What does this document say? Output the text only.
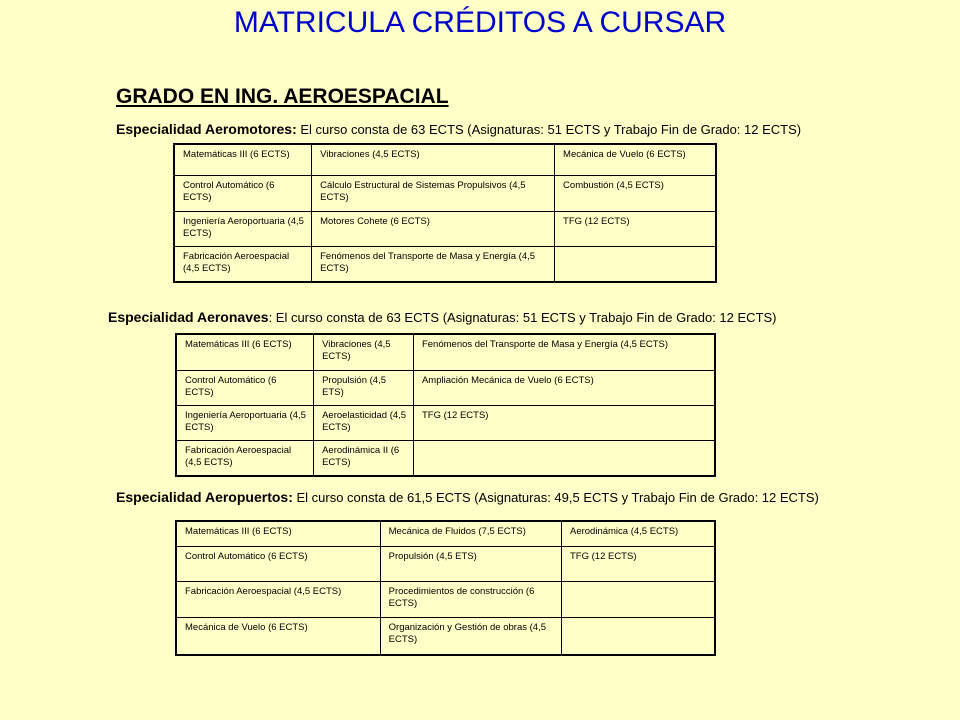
MATRICULA CRÉDITOS A CURSAR
GRADO EN ING. AEROESPACIAL
Especialidad Aeromotores: El curso consta de 63 ECTS (Asignaturas: 51 ECTS y Trabajo Fin de Grado: 12 ECTS)
Matemáticas III (6 ECTS)	Vibraciones (4,5 ECTS)	Mecánica de Vuelo (6 ECTS)
Control Automático (6 ECTS)	Cálculo Estructural de Sistemas Propulsivos (4,5 ECTS)	Combustión (4,5 ECTS)
Ingeniería Aeroportuaria (4,5 ECTS)	Motores Cohete (6 ECTS)	TFG (12 ECTS)
Fabricación Aeroespacial (4,5 ECTS)	Fenómenos del Transporte de Masa y Energía (4,5 ECTS)	
Especialidad Aeronaves: El curso consta de 63 ECTS (Asignaturas: 51 ECTS y Trabajo Fin de Grado: 12 ECTS)
Matemáticas III (6 ECTS)	Vibraciones (4,5 ECTS)	Fenómenos del Transporte de Masa y Energía (4,5 ECTS)
Control Automático (6 ECTS)	Propulsión (4,5 ETS)	Ampliación Mecánica de Vuelo (6 ECTS)
Ingeniería Aeroportuaria (4,5 ECTS)	Aeroelasticidad (4,5 ECTS)	TFG (12 ECTS)
Fabricación Aeroespacial (4,5 ECTS)	Aerodinámica II (6 ECTS)	
Especialidad Aeropuertos: El curso consta de 61,5 ECTS (Asignaturas: 49,5 ECTS y Trabajo Fin de Grado: 12 ECTS)
Matemáticas III (6 ECTS)	Mecánica de Fluidos (7,5 ECTS)	Aerodinámica (4,5 ECTS)
Control Automático (6 ECTS)	Propulsión (4,5 ETS)	TFG (12 ECTS)
Fabricación Aeroespacial (4,5 ECTS)	Procedimientos de construcción (6 ECTS)	
Mecánica de Vuelo (6 ECTS)	Organización y Gestión de obras (4,5 ECTS)	
